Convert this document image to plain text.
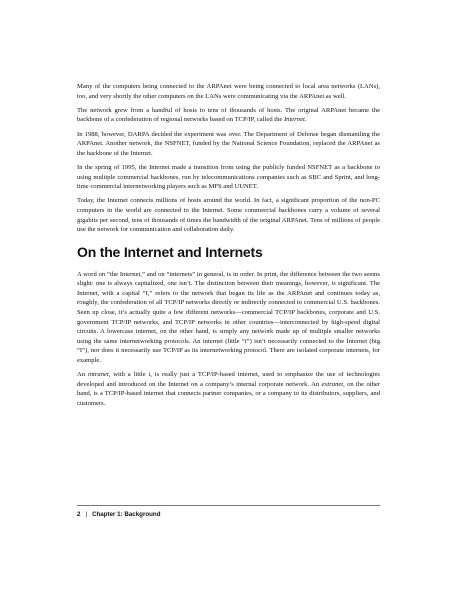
Many of the computers being connected to the ARPAnet were being connected to local area networks (LANs), too, and very shortly the other computers on the LANs were communicating via the ARPAnet as well.

The network grew from a handful of hosts to tens of thousands of hosts. The original ARPAnet became the backbone of a confederation of regional networks based on TCP/IP, called the Internet.

In 1988, however, DARPA decided the experiment was over. The Department of Defense began dismantling the ARPAnet. Another network, the NSFNET, funded by the National Science Foundation, replaced the ARPAnet as the backbone of the Internet.

In the spring of 1995, the Internet made a transition from using the publicly funded NSFNET as a backbone to using multiple commercial backbones, run by telecommunications companies such as SBC and Sprint, and long-time commercial internetworking players such as MFS and UUNET.

Today, the Internet connects millions of hosts around the world. In fact, a significant proportion of the non-PC computers in the world are connected to the Internet. Some commercial backbones carry a volume of several gigabits per second, tens of thousands of times the bandwidth of the original ARPAnet. Tens of millions of people use the network for communication and collaboration daily.

On the Internet and Internets

A word on “the Internet,” and on “internets” in general, is in order. In print, the difference between the two seems slight: one is always capitalized, one isn’t. The distinction between their meanings, however, is significant. The Internet, with a capital “I,” refers to the network that began its life as the ARPAnet and continues today as, roughly, the confederation of all TCP/IP networks directly or indirectly connected to commercial U.S. backbones. Seen up close, it’s actually quite a few different networks—commercial TCP/IP backbones, corporate and U.S. government TCP/IP networks, and TCP/IP networks in other countries—interconnected by high-speed digital circuits. A lowercase internet, on the other hand, is simply any network made up of multiple smaller networks using the same internetworking protocols. An internet (little “i”) isn’t necessarily connected to the Internet (big “I”), nor does it necessarily use TCP/IP as its internetworking protocol. There are isolated corporate internets, for example.

An intranet, with a little i, is really just a TCP/IP-based internet, used to emphasize the use of technologies developed and introduced on the Internet on a company’s internal corporate network. An extranet, on the other hand, is a TCP/IP-based internet that connects partner companies, or a company to its distributors, suppliers, and customers.

2 | Chapter 1: Background
